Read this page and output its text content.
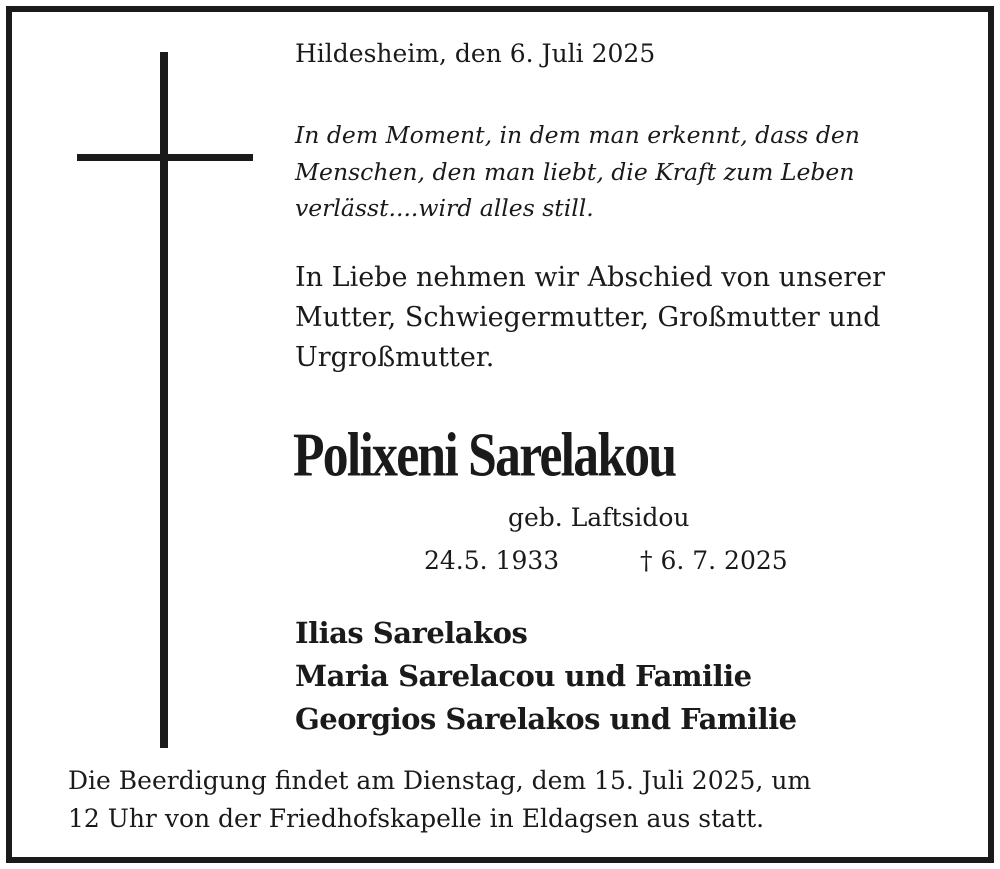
Hildesheim, den 6. Juli 2025

In dem Moment, in dem man erkennt, dass den
Menschen, den man liebt, die Kraft zum Leben
verlässt....wird alles still.

In Liebe nehmen wir Abschied von unserer
Mutter, Schwiegermutter, Großmutter und
Urgroßmutter.

Polixeni Sarelakou

geb. Laftsidou

24.5. 1933	† 6. 7. 2025

Ilias Sarelakos
Maria Sarelacou und Familie
Georgios Sarelakos und Familie

Die Beerdigung findet am Dienstag, dem 15. Juli 2025, um
12 Uhr von der Friedhofskapelle in Eldagsen aus statt.
